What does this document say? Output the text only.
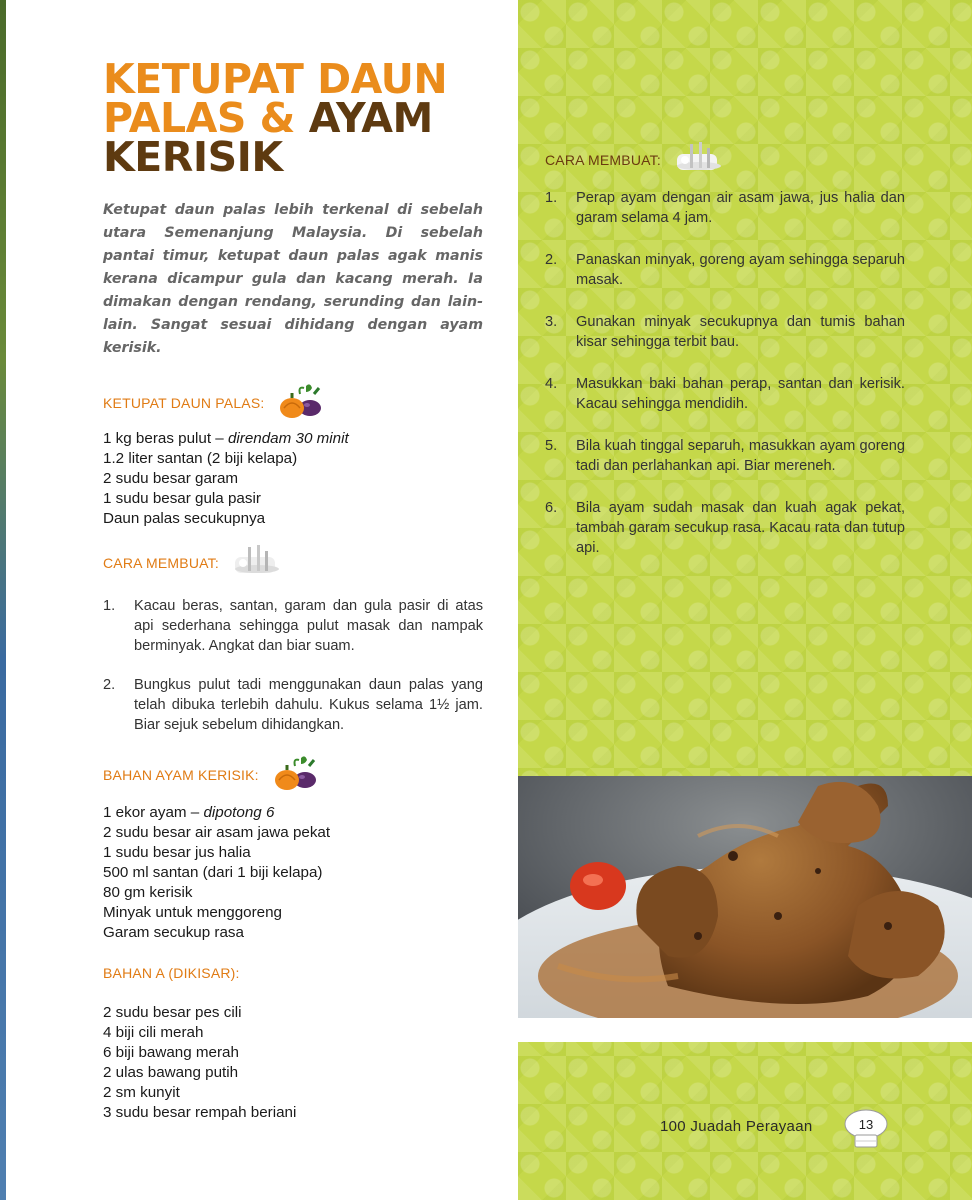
KETUPAT DAUN
PALAS & AYAM
KERISIK

Ketupat daun palas lebih terkenal di sebelah utara Semenanjung Malaysia. Di sebelah pantai timur, ketupat daun palas agak manis kerana dicampur gula dan kacang merah. Ia dimakan dengan rendang, serunding dan lain-lain. Sangat sesuai dihidang dengan ayam kerisik.

KETUPAT DAUN PALAS:
1 kg beras pulut – direndam 30 minit
1.2 liter santan (2 biji kelapa)
2 sudu besar garam
1 sudu besar gula pasir
Daun palas secukupnya
CARA MEMBUAT:
1.	Kacau beras, santan, garam dan gula pasir di atas api sederhana sehingga pulut masak dan nampak berminyak. Angkat dan biar suam.
2.	Bungkus pulut tadi menggunakan daun palas yang telah dibuka terlebih dahulu. Kukus selama 1½ jam. Biar sejuk sebelum dihidangkan.
BAHAN AYAM KERISIK:
1 ekor ayam – dipotong 6
2 sudu besar air asam jawa pekat
1 sudu besar jus halia
500 ml santan (dari 1 biji kelapa)
80 gm kerisik
Minyak untuk menggoreng
Garam secukup rasa
BAHAN A (DIKISAR):
2 sudu besar pes cili
4 biji cili merah
6 biji bawang merah
2 ulas bawang putih
2 sm kunyit
3 sudu besar rempah beriani
CARA MEMBUAT:
1.	Perap ayam dengan air asam jawa, jus halia dan garam selama 4 jam.
2.	Panaskan minyak, goreng ayam sehingga separuh masak.
3.	Gunakan minyak secukupnya dan tumis bahan kisar sehingga terbit bau.
4.	Masukkan baki bahan perap, santan dan kerisik. Kacau sehingga mendidih.
5.	Bila kuah tinggal separuh, masukkan ayam goreng tadi dan perlahankan api. Biar mereneh.
6.	Bila ayam sudah masak dan kuah agak pekat, tambah garam secukup rasa. Kacau rata dan tutup api.
100 Juadah Perayaan	13
